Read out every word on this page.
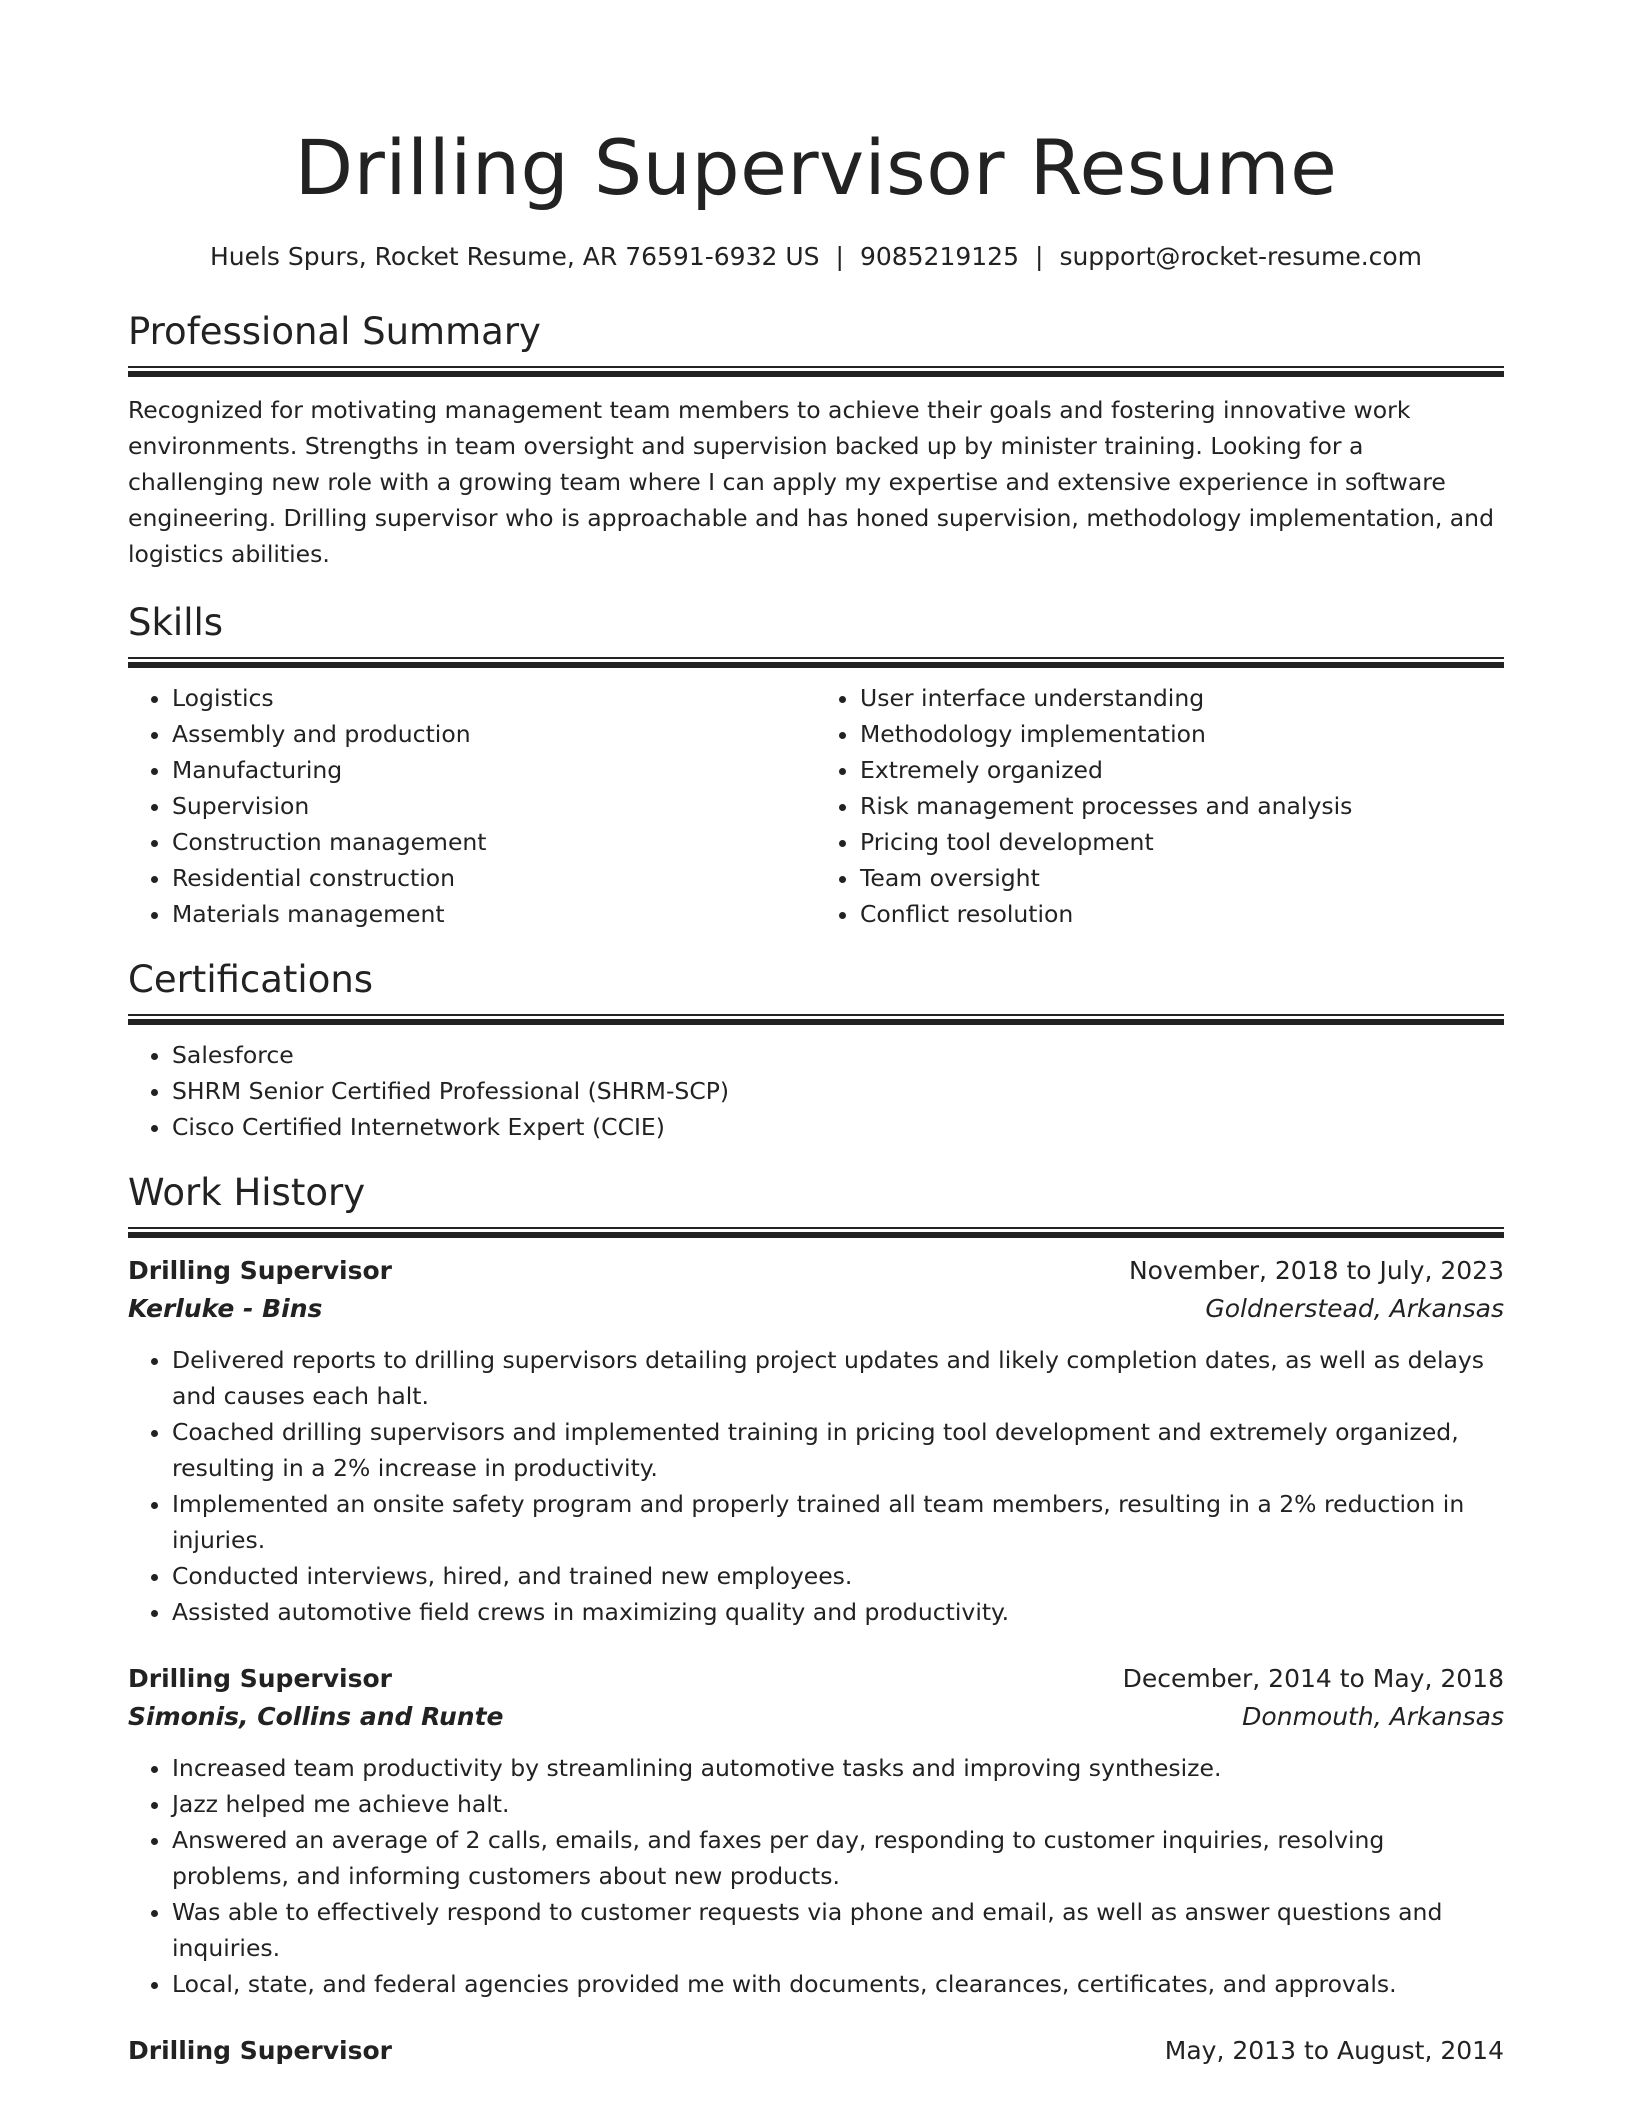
Drilling Supervisor Resume
Huels Spurs, Rocket Resume, AR 76591-6932 US | 9085219125 | support@rocket-resume.com
Professional Summary

Recognized for motivating management team members to achieve their goals and fostering innovative work environments. Strengths in team oversight and supervision backed up by minister training. Looking for a challenging new role with a growing team where I can apply my expertise and extensive experience in software engineering. Drilling supervisor who is approachable and has honed supervision, methodology implementation, and logistics abilities.

Skills
• Logistics
• Assembly and production
• Manufacturing
• Supervision
• Construction management
• Residential construction
• Materials management
• User interface understanding
• Methodology implementation
• Extremely organized
• Risk management processes and analysis
• Pricing tool development
• Team oversight
• Conflict resolution
Certifications
• Salesforce
• SHRM Senior Certified Professional (SHRM-SCP)
• Cisco Certified Internetwork Expert (CCIE)
Work History
Drilling Supervisor	November, 2018 to July, 2023
Kerluke - Bins	Goldnerstead, Arkansas
• Delivered reports to drilling supervisors detailing project updates and likely completion dates, as well as delays and causes each halt.
• Coached drilling supervisors and implemented training in pricing tool development and extremely organized, resulting in a 2% increase in productivity.
• Implemented an onsite safety program and properly trained all team members, resulting in a 2% reduction in injuries.
• Conducted interviews, hired, and trained new employees.
• Assisted automotive field crews in maximizing quality and productivity.
Drilling Supervisor	December, 2014 to May, 2018
Simonis, Collins and Runte	Donmouth, Arkansas
• Increased team productivity by streamlining automotive tasks and improving synthesize.
• Jazz helped me achieve halt.
• Answered an average of 2 calls, emails, and faxes per day, responding to customer inquiries, resolving problems, and informing customers about new products.
• Was able to effectively respond to customer requests via phone and email, as well as answer questions and inquiries.
• Local, state, and federal agencies provided me with documents, clearances, certificates, and approvals.
Drilling Supervisor	May, 2013 to August, 2014
